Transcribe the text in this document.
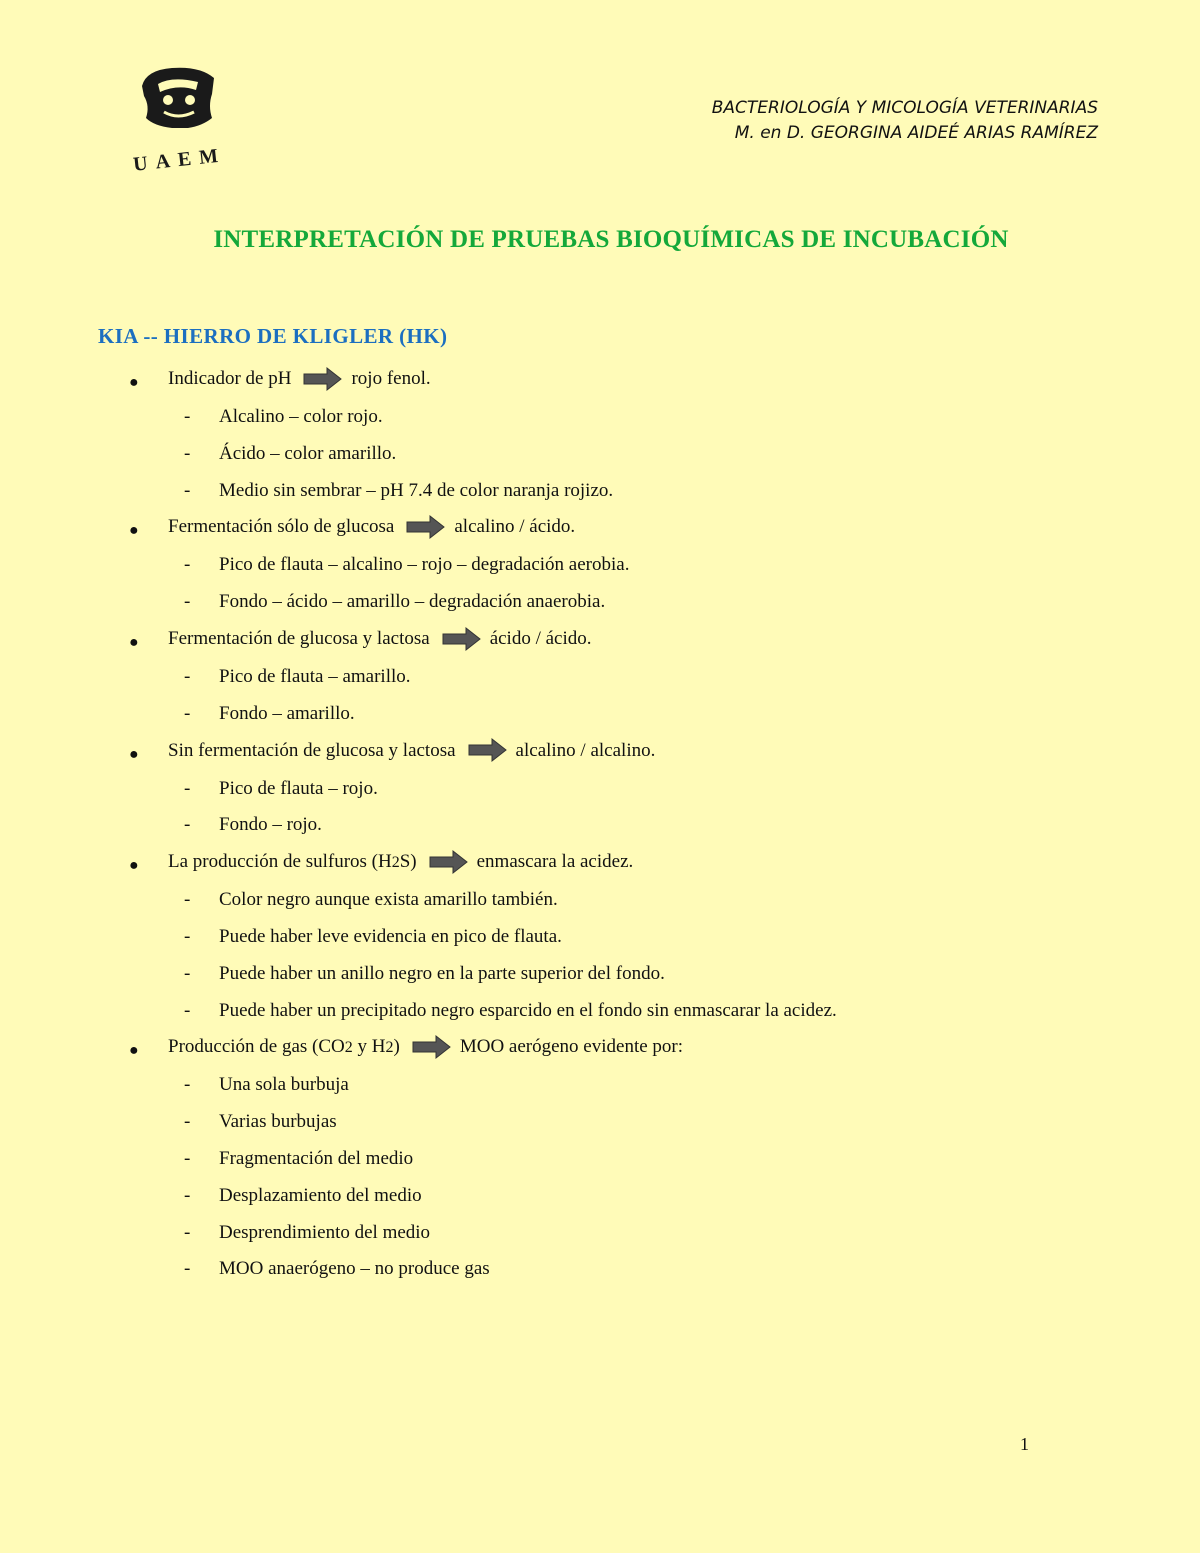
UAEM
BACTERIOLOGÍA Y MICOLOGÍA VETERINARIAS
M. en D. GEORGINA AIDEÉ ARIAS RAMÍREZ
INTERPRETACIÓN DE PRUEBAS BIOQUÍMICAS DE INCUBACIÓN
KIA -- HIERRO DE KLIGLER (HK)
● Indicador de pH	rojo fenol.
- Alcalino – color rojo.
- Ácido – color amarillo.
- Medio sin sembrar – pH 7.4 de color naranja rojizo.
● Fermentación sólo de glucosa	alcalino / ácido.
- Pico de flauta – alcalino – rojo – degradación aerobia.
- Fondo – ácido – amarillo – degradación anaerobia.
● Fermentación de glucosa y lactosa	ácido / ácido.
- Pico de flauta – amarillo.
- Fondo – amarillo.
● Sin fermentación de glucosa y lactosa	alcalino / alcalino.
- Pico de flauta – rojo.
- Fondo – rojo.
● La producción de sulfuros (H2S)	enmascara la acidez.
- Color negro aunque exista amarillo también.
- Puede haber leve evidencia en pico de flauta.
- Puede haber un anillo negro en la parte superior del fondo.
- Puede haber un precipitado negro esparcido en el fondo sin enmascarar la acidez.
● Producción de gas (CO2 y H2)	MOO aerógeno evidente por:
- Una sola burbuja
- Varias burbujas
- Fragmentación del medio
- Desplazamiento del medio
- Desprendimiento del medio
- MOO anaerógeno – no produce gas
1
